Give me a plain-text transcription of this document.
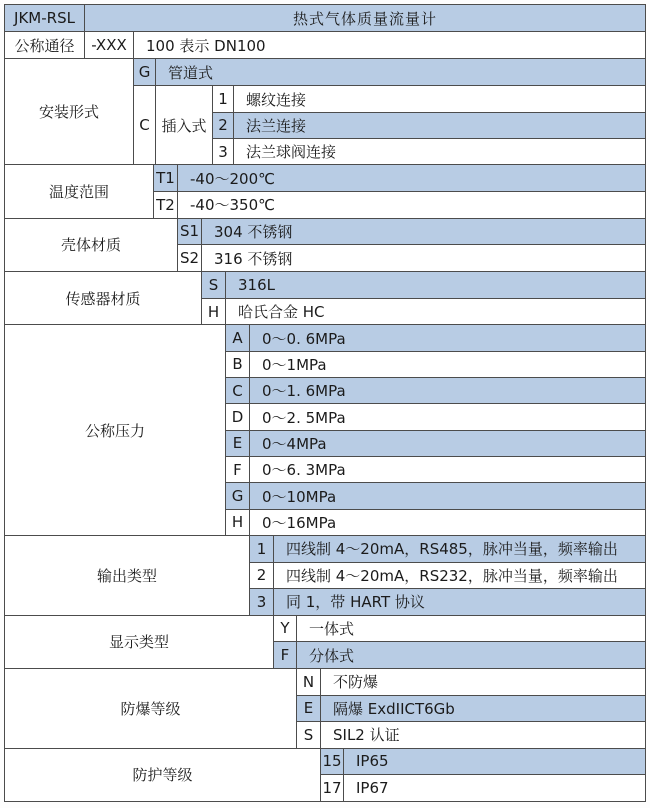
JKM-RSL	热式气体质量流量计
公称通径	-XXX	100 表示 DN100
安装形式
G	管道式
C 插入式
1	螺纹连接
2	法兰连接
3	法兰球阀连接
温度范围
T1	-40～200℃
T2	-40～350℃
壳体材质
S1 304 不锈钢
S2 316 不锈钢
传感器材质
S	316L
H	哈氏合金 HC
公称压力
A	0～0. 6MPa
B	0～1MPa
C	0～1. 6MPa
D	0～2. 5MPa
E	0～4MPa
F	0～6. 3MPa
G	0～10MPa
H	0～16MPa
输出类型
1	四线制 4～20mA，RS485，脉冲当量，频率输出
2	四线制 4～20mA，RS232，脉冲当量，频率输出
3	同 1，带 HART 协议
显示类型
Y	一体式
F	分体式
防爆等级
N	不防爆
E	隔爆 ExdIICT6Gb
S	SIL2 认证
防护等级
15 IP65
17 IP67
